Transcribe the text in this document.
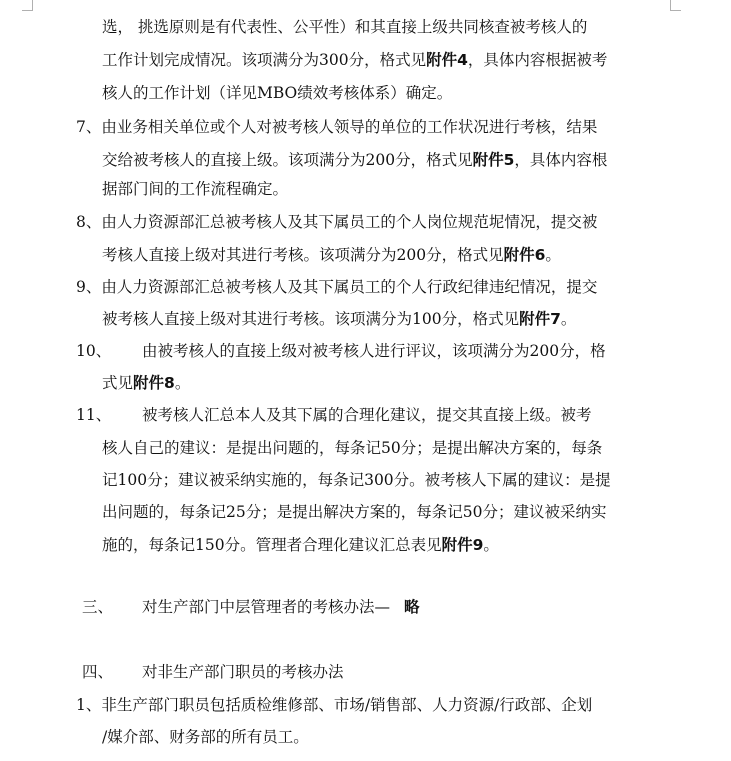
选， 挑选原则是有代表性、公平性）和其直接上级共同核查被考核人的
工作计划完成情况。该项满分为300分，格式见附件4，具体内容根据被考
核人的工作计划（详见MBO绩效考核体系）确定。
7、由业务相关单位或个人对被考核人领导的单位的工作状况进行考核，结果
交给被考核人的直接上级。该项满分为200分，格式见附件5，具体内容根
据部门间的工作流程确定。
8、由人力资源部汇总被考核人及其下属员工的个人岗位规范坭情况，提交被
考核人直接上级对其进行考核。该项满分为200分，格式见附件6。
9、由人力资源部汇总被考核人及其下属员工的个人行政纪律违纪情况，提交
被考核人直接上级对其进行考核。该项满分为100分，格式见附件7。
10、 由被考核人的直接上级对被考核人进行评议，该项满分为200分，格
式见附件8。
11、 被考核人汇总本人及其下属的合理化建议，提交其直接上级。被考
核人自己的建议：是提出问题的，每条记50分；是提出解决方案的，每条
记100分；建议被采纳实施的，每条记300分。被考核人下属的建议：是提
出问题的，每条记25分；是提出解决方案的，每条记50分；建议被采纳实
施的，每条记150分。管理者合理化建议汇总表见附件9。
三、 对生产部门中层管理者的考核办法— 略
四、 对非生产部门职员的考核办法
1、非生产部门职员包括质检维修部、市场/销售部、人力资源/行政部、企划
/媒介部、财务部的所有员工。
